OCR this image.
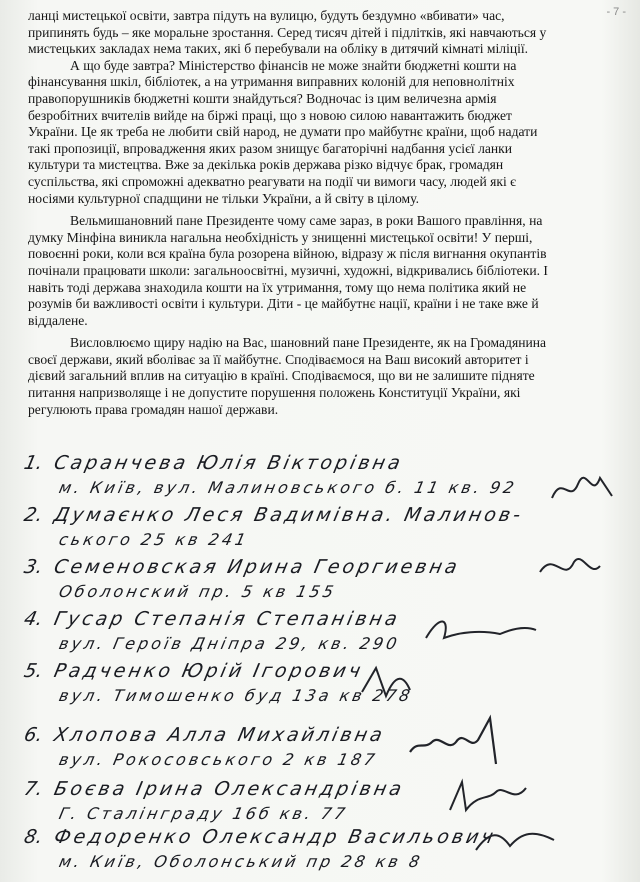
- 7 -
ланці мистецької освіти, завтра підуть на вулицю, будуть бездумно «вбивати» час,
припинять будь – яке моральне зростання. Серед тисяч дітей і підлітків, які навчаються у
мистецьких закладах нема таких, які б перебували на обліку в дитячий кімнаті міліції.
А що буде завтра? Міністерство фінансів не може знайти бюджетні кошти на
фінансування шкіл, бібліотек, а на утримання виправних колоній для неповнолітніх
правопорушників бюджетні кошти знайдуться? Водночас із цим величезна армія
безробітних вчителів вийде на біржі праці, що з новою силою навантажить бюджет
України. Це як треба не любити свій народ, не думати про майбутнє країни, щоб надати
такі пропозиції, впровадження яких разом знищує багаторічні надбання усієї ланки
культури та мистецтва. Вже за декілька років держава різко відчує брак, громадян
суспільства, які спроможні адекватно реагувати на події чи вимоги часу, людей які є
носіями культурної спадщини не тільки України, а й світу в цілому.
Вельмишановний пане Президенте чому саме зараз, в роки Вашого правління, на
думку Мінфіна виникла нагальна необхідність у знищенні мистецької освіти! У перші,
повоєнні роки, коли вся країна була розорена війною, відразу ж після вигнання окупантів
почінали працювати школи: загальноосвітні, музичні, художні, відкривались бібліотеки. І
навіть тоді держава знаходила кошти на їх утримання, тому що нема політика який не
розумів би важливості освіти і культури. Діти - це майбутнє нації, країни і не таке вже й
віддалене.
Висловлюємо щиру надію на Вас, шановний пане Президенте, як на Громадянина
своєї держави, який вболіває за її майбутнє. Сподіваємося на Ваш високий авторитет і
дієвий загальний вплив на ситуацію в країні. Сподіваємося, що ви не залишите підняте
питання напризволяще і не допустите порушення положень Конституції України, які
регулюють права громадян нашої держави.
1. Саранчева Юлія Вікторівна
м. Київ, вул. Малиновського б. 11 кв. 92
2. Думаєнко Леся Вадимівна. Малинов-
ського 25 кв 241
3. Семеновская Ирина Георгиевна
Оболонский пр. 5 кв 155
4. Гусар Степанія Степанівна
вул. Героїв Дніпра 29, кв. 290
5. Радченко Юрій Ігорович
вул. Тимошенко буд 13а кв 278
6. Хлопова Алла Михайлівна
вул. Рокосовського 2 кв 187
7. Боєва Ірина Олександрівна
Г. Сталінграду 16б кв. 77
8. Федоренко Олександр Васильович
м. Київ, Оболонський пр 28 кв 8
